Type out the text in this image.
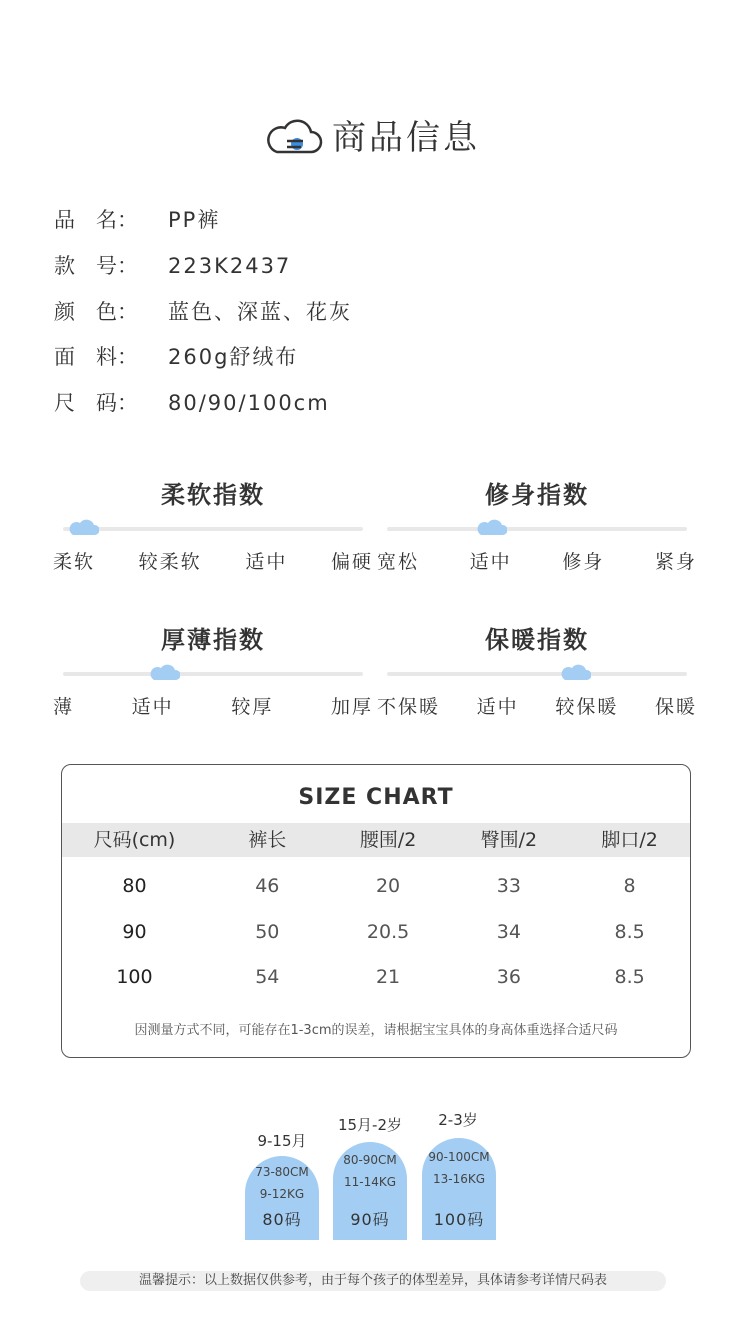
商品信息
品　名： PP裤
款　号： 223K2437
颜　色： 蓝色、深蓝、花灰
面　料： 260g舒绒布
尺　码： 80/90/100cm
柔软指数
柔软 较柔软 适中 偏硬
修身指数
宽松	适中	修身	紧身
厚薄指数
薄	适中	较厚	加厚
保暖指数
不保暖 适中 较保暖 保暖
SIZE CHART
尺码(cm)	裤长	腰围/2	臀围/2	脚口/2
80	46	20	33	8
90	50	20.5	34	8.5
100	54	21	36	8.5
因测量方式不同，可能存在1-3cm的误差，请根据宝宝具体的身高体重选择合适尺码
9-15月
73-80CM
9-12KG
80码
15月-2岁
80-90CM
11-14KG
90码
2-3岁
90-100CM
13-16KG
100码
温馨提示：以上数据仅供参考，由于每个孩子的体型差异，具体请参考详情尺码表
